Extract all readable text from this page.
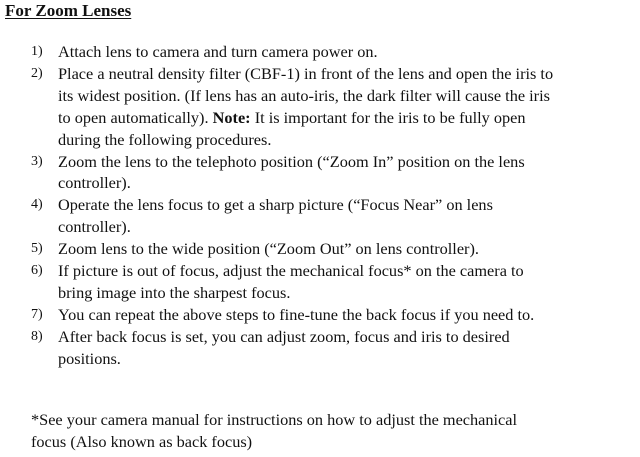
For Zoom Lenses
1) Attach lens to camera and turn camera power on.
2) Place a neutral density filter (CBF-1) in front of the lens and open the iris to
its widest position. (If lens has an auto-iris, the dark filter will cause the iris
to open automatically). Note: It is important for the iris to be fully open
during the following procedures.
3) Zoom the lens to the telephoto position (“Zoom In” position on the lens
controller).
4) Operate the lens focus to get a sharp picture (“Focus Near” on lens
controller).
5) Zoom lens to the wide position (“Zoom Out” on lens controller).
6) If picture is out of focus, adjust the mechanical focus* on the camera to
bring image into the sharpest focus.
7) You can repeat the above steps to fine-tune the back focus if you need to.
8) After back focus is set, you can adjust zoom, focus and iris to desired
positions.
*See your camera manual for instructions on how to adjust the mechanical
focus (Also known as back focus)
